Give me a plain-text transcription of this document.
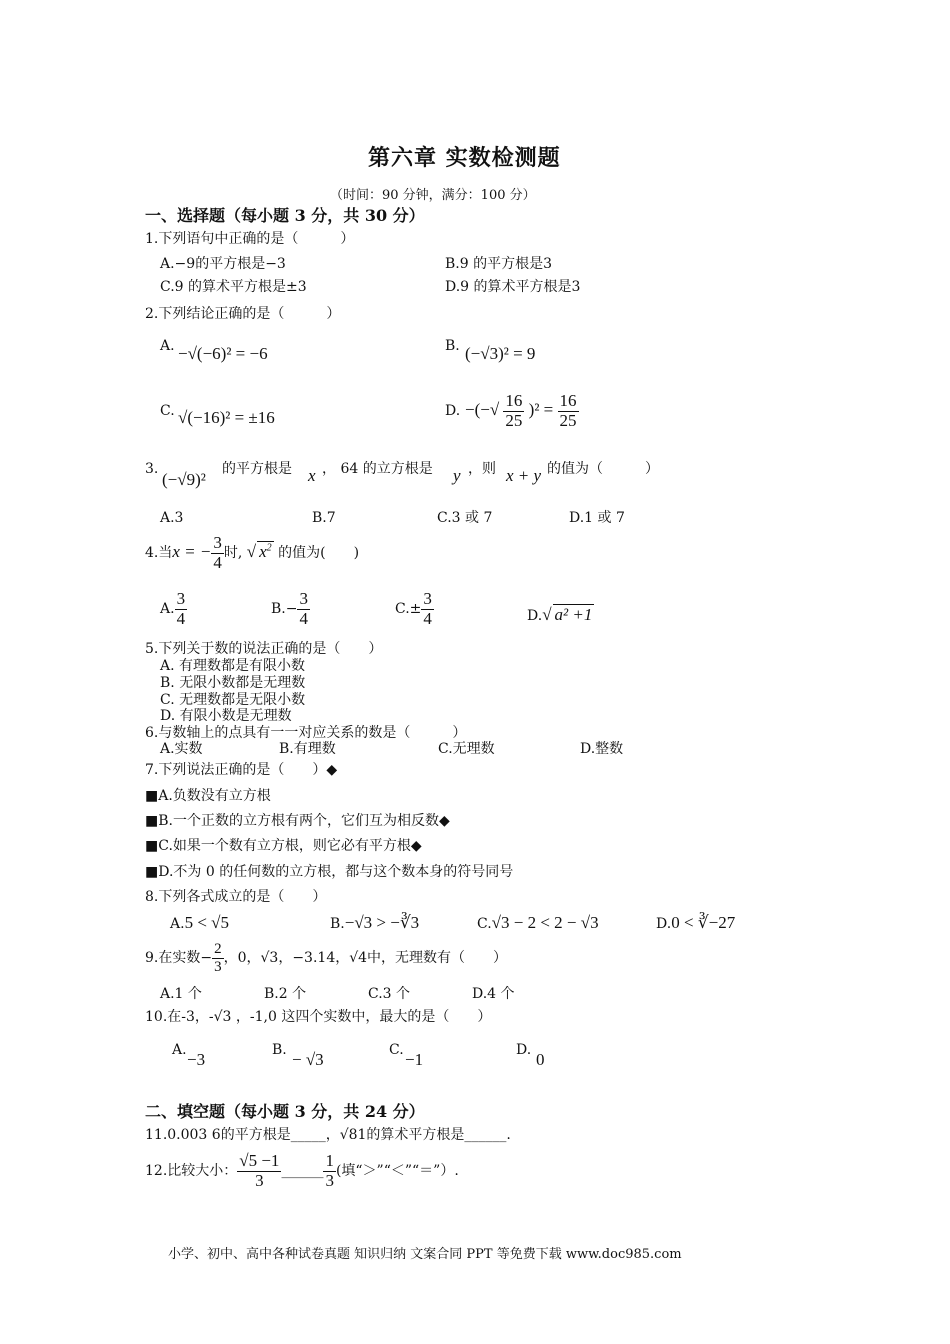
第六章 实数检测题
（时间：90 分钟，满分：100 分）
一、选择题（每小题 3 分，共 30 分）
1.下列语句中正确的是（　　　）
A.−9的平方根是−3	B.9 的平方根是3
C.9 的算术平方根是±3	D.9 的算术平方根是3
2.下列结论正确的是（　　　）
A. −√(−6)² = −6	B. (−√3)² = 9
C. √(−16)² = ±16	D. −(−√ $\frac{16}{25} )^2 = \frac{16}{25}$
3.
(−√9)²
的平方根是 x ， 64 的立方根是 y ，则 x + y 的值为（　　　）
A.3	B.7	C.3 或 7	D.1 或 7
4.当x = − $\frac{3}{4}$ 时, √ $x^2$ 的值为(　　)
A. $\frac{3}{4}$	$B.- \frac{3}{4}$	$C.\pm \frac{3}{4}$	D.√ a² +1
5.下列关于数的说法正确的是（　　）
A. 有理数都是有限小数
B. 无限小数都是无理数
C. 无理数都是无限小数
D. 有限小数是无理数
6.与数轴上的点具有一一对应关系的数是（　　　）
A.实数	B.有理数	C.无理数	D.整数
7.下列说法正确的是（　　）◆
■A.负数没有立方根
■B.一个正数的立方根有两个，它们互为相反数◆
■C.如果一个数有立方根，则它必有平方根◆
■D.不为 0 的任何数的立方根，都与这个数本身的符号同号
8.下列各式成立的是（　　）
A.5 < √5	B.−√3 > −∛3	C.√3 − 2 < 2 − √3	D.0 < ∛−27
9.在实数− $\frac{2}{3}$ ，0，√3，−3.14，√4中，无理数有（　　）
A.1 个	B.2 个	C.3 个	D.4 个
10.在-3，-√3 ，-1,0 这四个实数中，最大的是（　　）
A. −3	B. − √3	C. −1	D. 0
二、填空题（每小题 3 分，共 24 分）
11.0.003 6的平方根是_____，√81的算术平方根是______.
12.比较大小： $\frac{√5 -1}{3}$ ______ $\frac{1}{3}$ (填“＞”“＜”“＝”）.
小学、初中、高中各种试卷真题 知识归纳 文案合同 PPT 等免费下载 www.doc985.com
